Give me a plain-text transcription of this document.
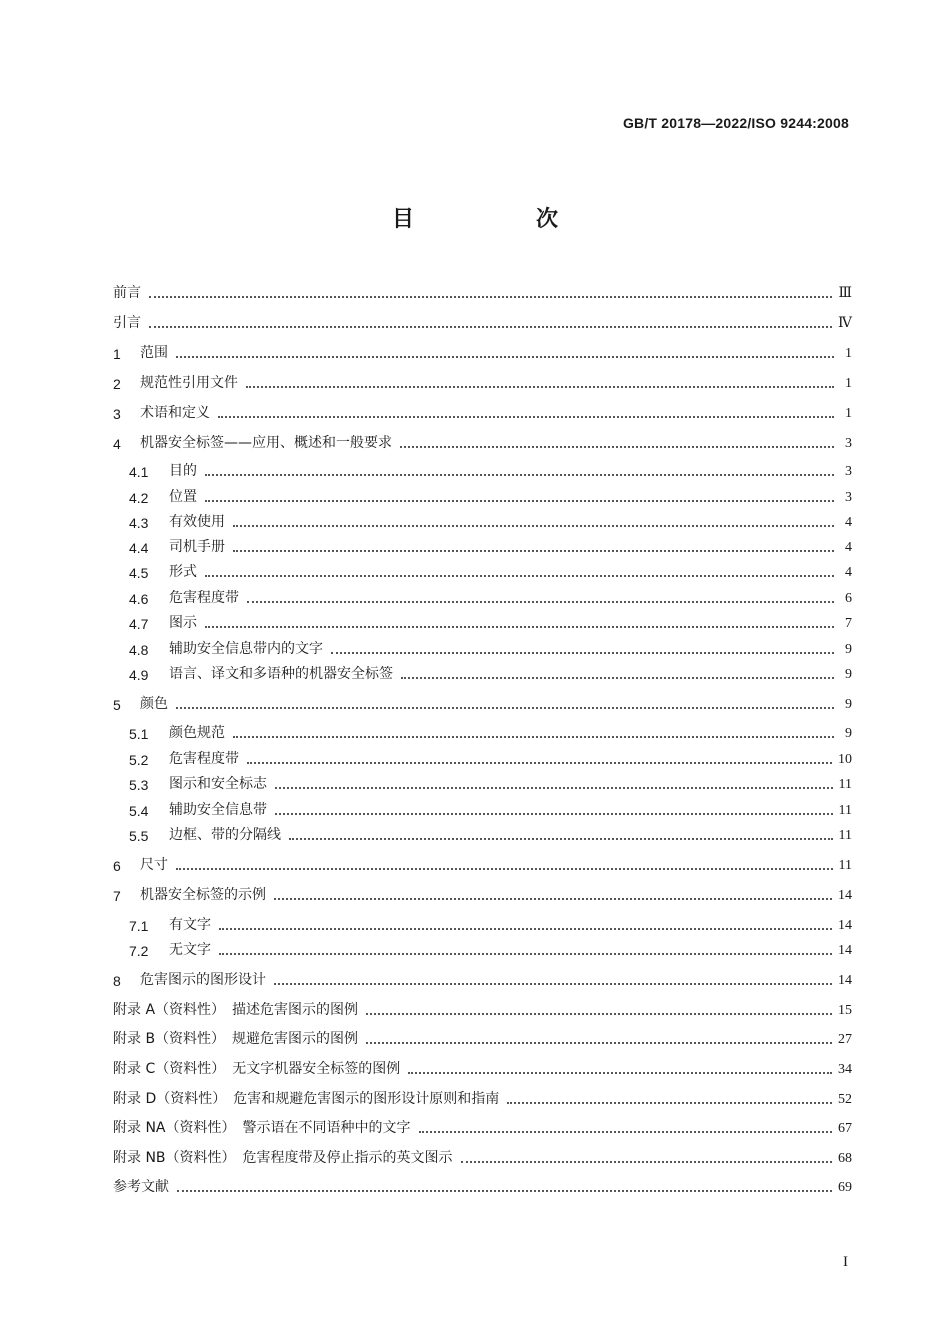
GB/T 20178—2022/ISO 9244:2008
目　次
前言	Ⅲ
引言	Ⅳ
1	范围	1
2	规范性引用文件	1
3	术语和定义	1
4	机器安全标签——应用、概述和一般要求	3
4.1	目的	3
4.2	位置	3
4.3	有效使用	4
4.4	司机手册	4
4.5	形式	4
4.6	危害程度带	6
4.7	图示	7
4.8	辅助安全信息带内的文字	9
4.9	语言、译文和多语种的机器安全标签	9
5	颜色	9
5.1	颜色规范	9
5.2	危害程度带	10
5.3	图示和安全标志	11
5.4	辅助安全信息带	11
5.5	边框、带的分隔线	11
6	尺寸	11
7	机器安全标签的示例	14
7.1	有文字	14
7.2	无文字	14
8	危害图示的图形设计	14
附录 A（资料性）　描述危害图示的图例	15
附录 B（资料性）　规避危害图示的图例	27
附录 C（资料性）　无文字机器安全标签的图例	34
附录 D（资料性）　危害和规避危害图示的图形设计原则和指南	52
附录 NA（资料性）　警示语在不同语种中的文字	67
附录 NB（资料性）　危害程度带及停止指示的英文图示	68
参考文献	69
I
